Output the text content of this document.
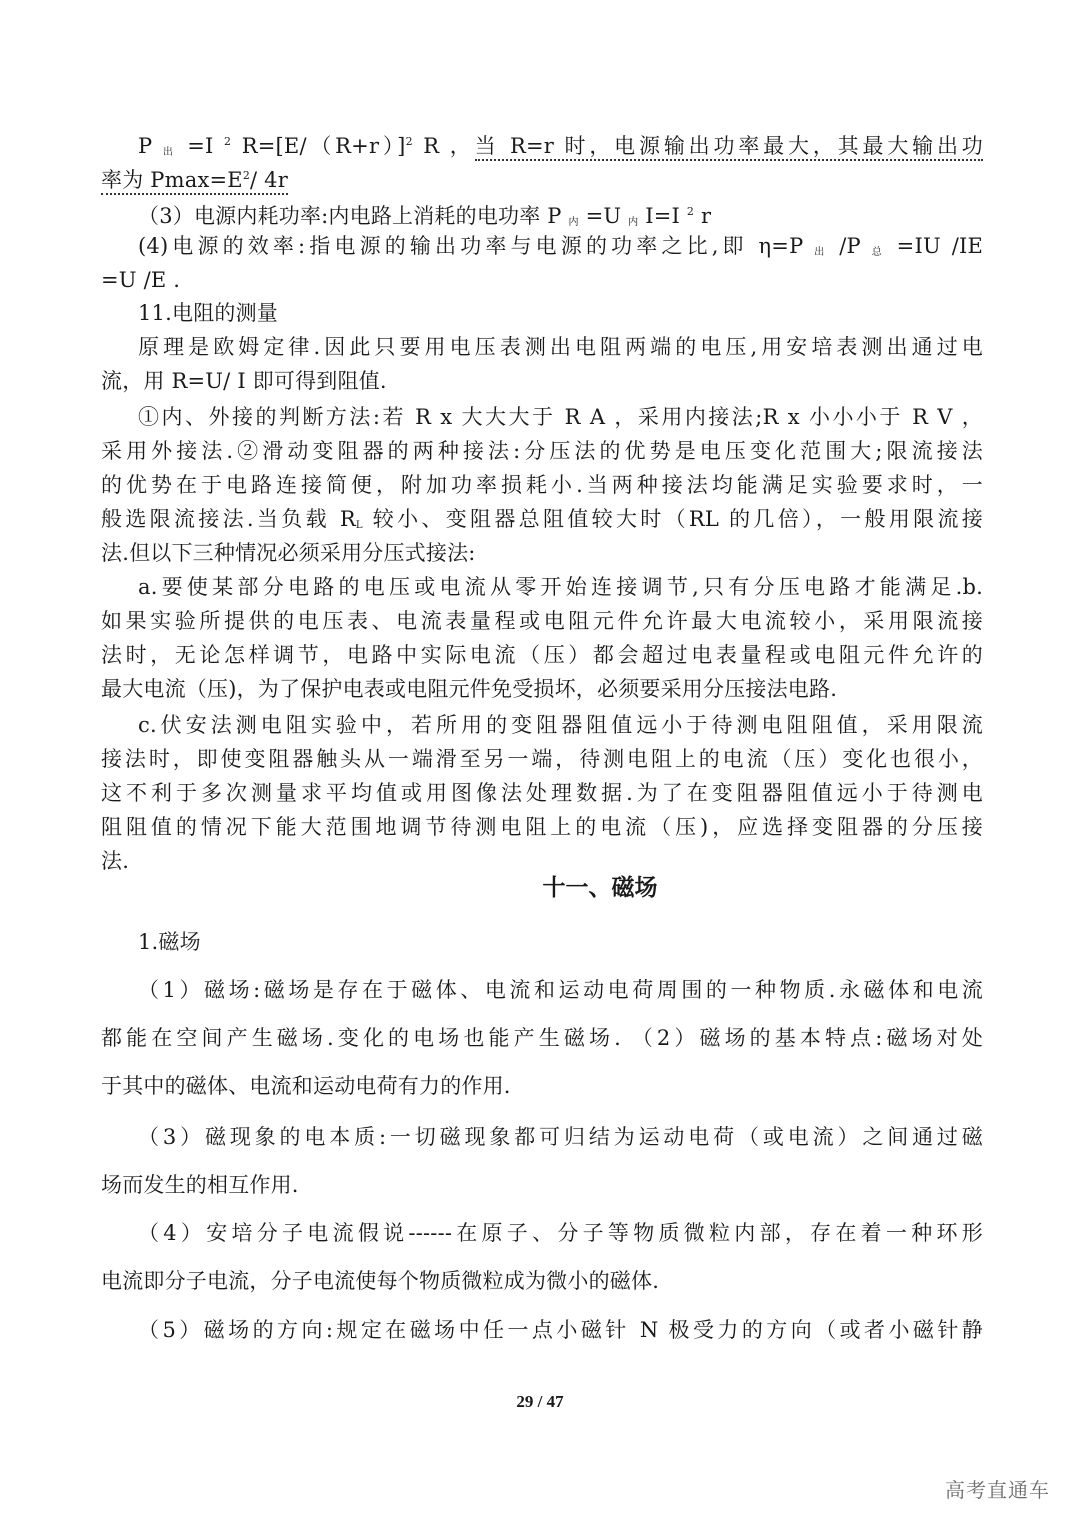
P $_出$ =I $^2$ $R=[E/(R+r)]^2$ R ，当 R=r 时，电源输出功率最大，其最大输出功
率为 $Pmax=E^2/$ 4r
（3）电源内耗功率:内电路上消耗的电功率 P $_内$ =U $_内$ I=I $^2$ r
(4)电源的效率:指电源的输出功率与电源的功率之比,即 η=P $_出$ /P $_总$ =IU /IE
=U /E .
11.电阻的测量
原理是欧姆定律.因此只要用电压表测出电阻两端的电压,用安培表测出通过电
流，用 R=U/ I 即可得到阻值.
①内、外接的判断方法:若 R x 大大大于 R A ，采用内接法;R x 小小小于 R V ，
采用外接法.②滑动变阻器的两种接法:分压法的优势是电压变化范围大;限流接法
的优势在于电路连接简便，附加功率损耗小.当两种接法均能满足实验要求时，一
般选限流接法.当负载 $R_L$ 较小、变阻器总阻值较大时（RL 的几倍），一般用限流接
法.但以下三种情况必须采用分压式接法:
a.要使某部分电路的电压或电流从零开始连接调节,只有分压电路才能满足.b.
如果实验所提供的电压表、电流表量程或电阻元件允许最大电流较小，采用限流接
法时，无论怎样调节，电路中实际电流（压）都会超过电表量程或电阻元件允许的
最大电流（压)，为了保护电表或电阻元件免受损坏，必须要采用分压接法电路.
c.伏安法测电阻实验中，若所用的变阻器阻值远小于待测电阻阻值，采用限流
接法时，即使变阻器触头从一端滑至另一端，待测电阻上的电流（压）变化也很小，
这不利于多次测量求平均值或用图像法处理数据.为了在变阻器阻值远小于待测电
阻阻值的情况下能大范围地调节待测电阻上的电流（压)，应选择变阻器的分压接
法.
十一、磁场
1.磁场
（1）磁场:磁场是存在于磁体、电流和运动电荷周围的一种物质.永磁体和电流
都能在空间产生磁场.变化的电场也能产生磁场. （2）磁场的基本特点:磁场对处
于其中的磁体、电流和运动电荷有力的作用.
（3）磁现象的电本质:一切磁现象都可归结为运动电荷（或电流）之间通过磁
场而发生的相互作用.
（4）安培分子电流假说------在原子、分子等物质微粒内部，存在着一种环形
电流即分子电流，分子电流使每个物质微粒成为微小的磁体.
（5）磁场的方向:规定在磁场中任一点小磁针 N 极受力的方向（或者小磁针静
29 / 47
高考直通车
